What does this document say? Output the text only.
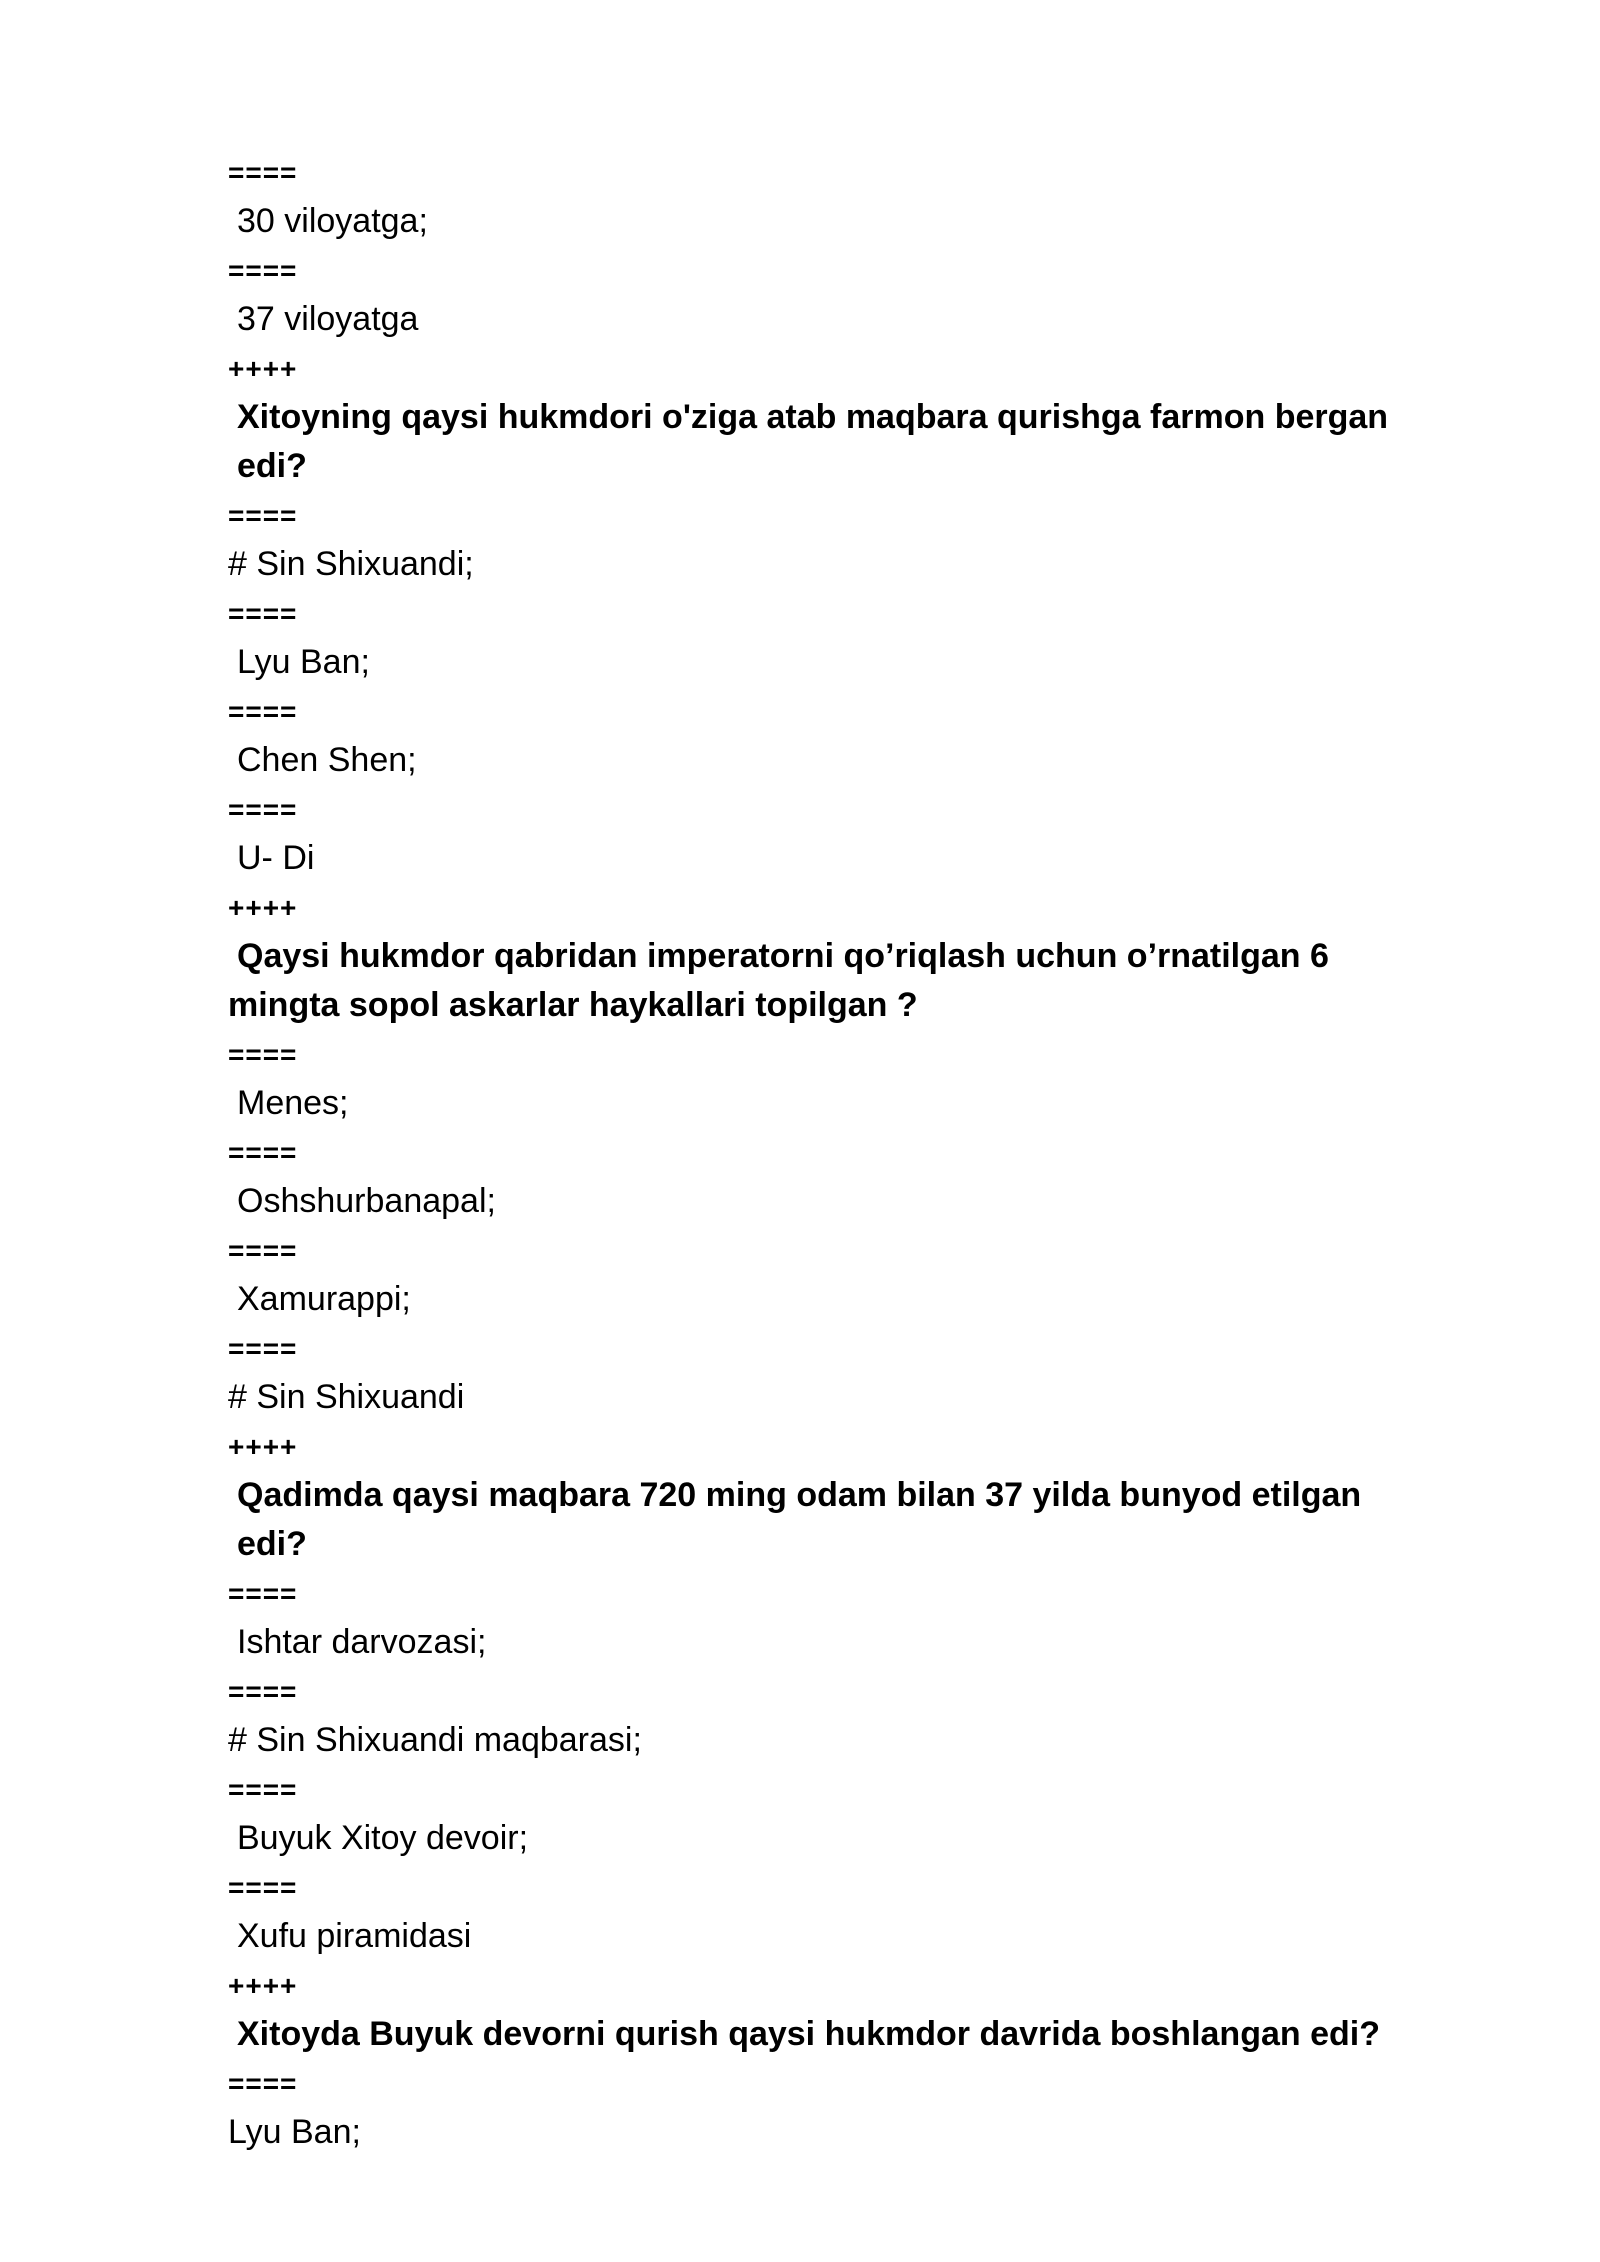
====

30 viloyatga;

====

37 viloyatga

++++

Xitoyning qaysi hukmdori o'ziga atab maqbara qurishga farmon bergan edi?

====

# Sin Shixuandi;

====

Lyu Ban;

====

Chen Shen;

====

U- Di

++++

Qaysi hukmdor qabridan imperatorni qo’riqlash uchun o’rnatilgan 6 mingta sopol askarlar haykallari topilgan ?

====

Menes;

====

Oshshurbanapal;

====

Xamurappi;

====

# Sin Shixuandi

++++

Qadimda qaysi maqbara 720 ming odam bilan 37 yilda bunyod etilgan edi?

====

Ishtar darvozasi;

====

# Sin Shixuandi maqbarasi;

====

Buyuk Xitoy devoir;

====

Xufu piramidasi

++++

Xitoyda Buyuk devorni qurish qaysi hukmdor davrida boshlangan edi?

====

Lyu Ban;
